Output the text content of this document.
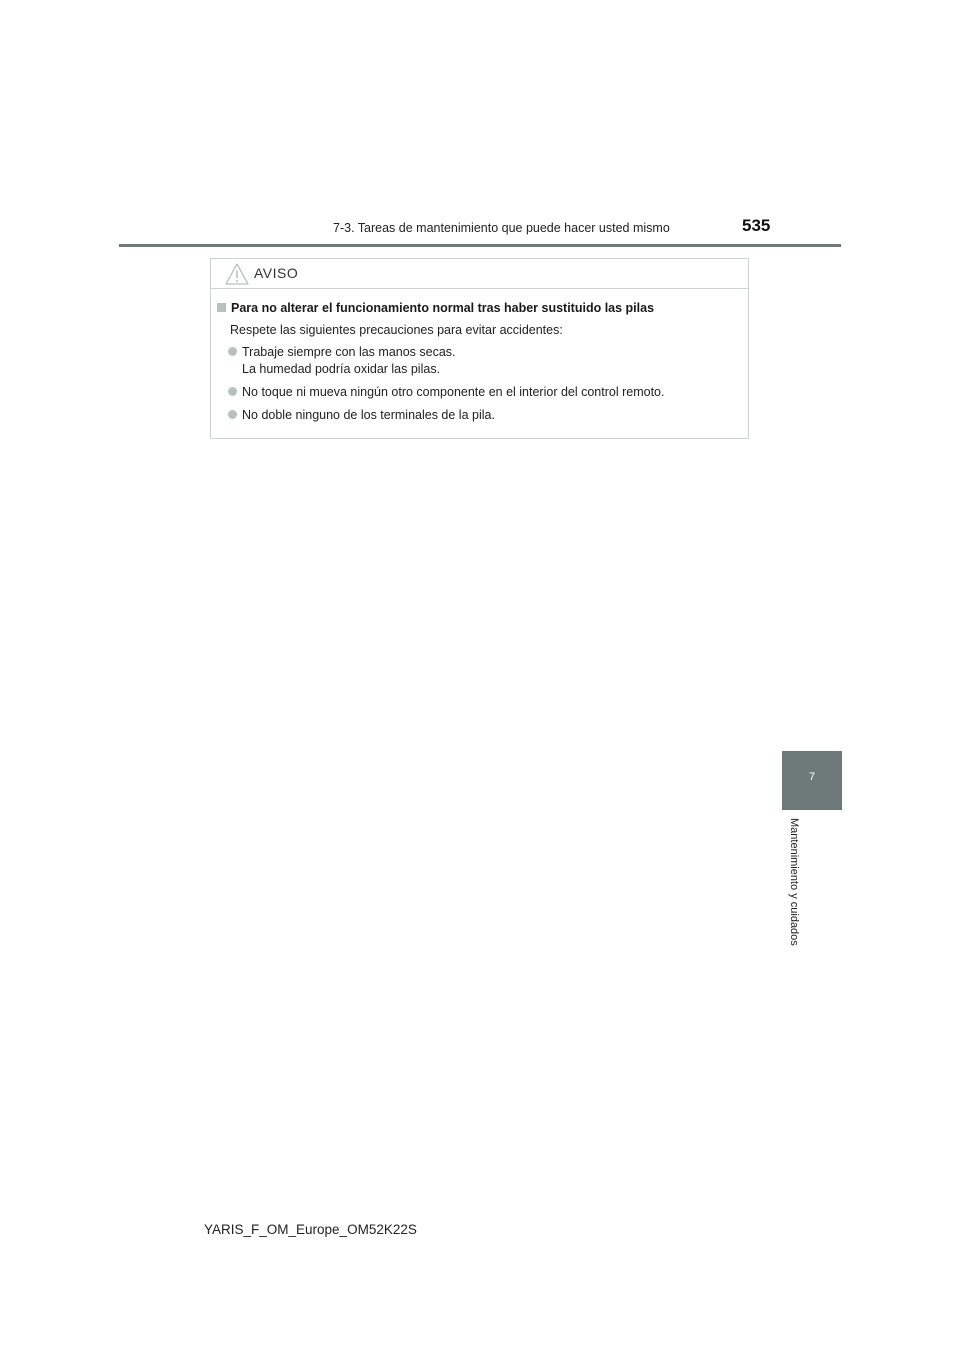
7-3. Tareas de mantenimiento que puede hacer usted mismo	535
AVISO
Para no alterar el funcionamiento normal tras haber sustituido las pilas
Respete las siguientes precauciones para evitar accidentes:
Trabaje siempre con las manos secas.
La humedad podría oxidar las pilas.
No toque ni mueva ningún otro componente en el interior del control remoto.
No doble ninguno de los terminales de la pila.
7
Mantenimiento y cuidados
YARIS_F_OM_Europe_OM52K22S
